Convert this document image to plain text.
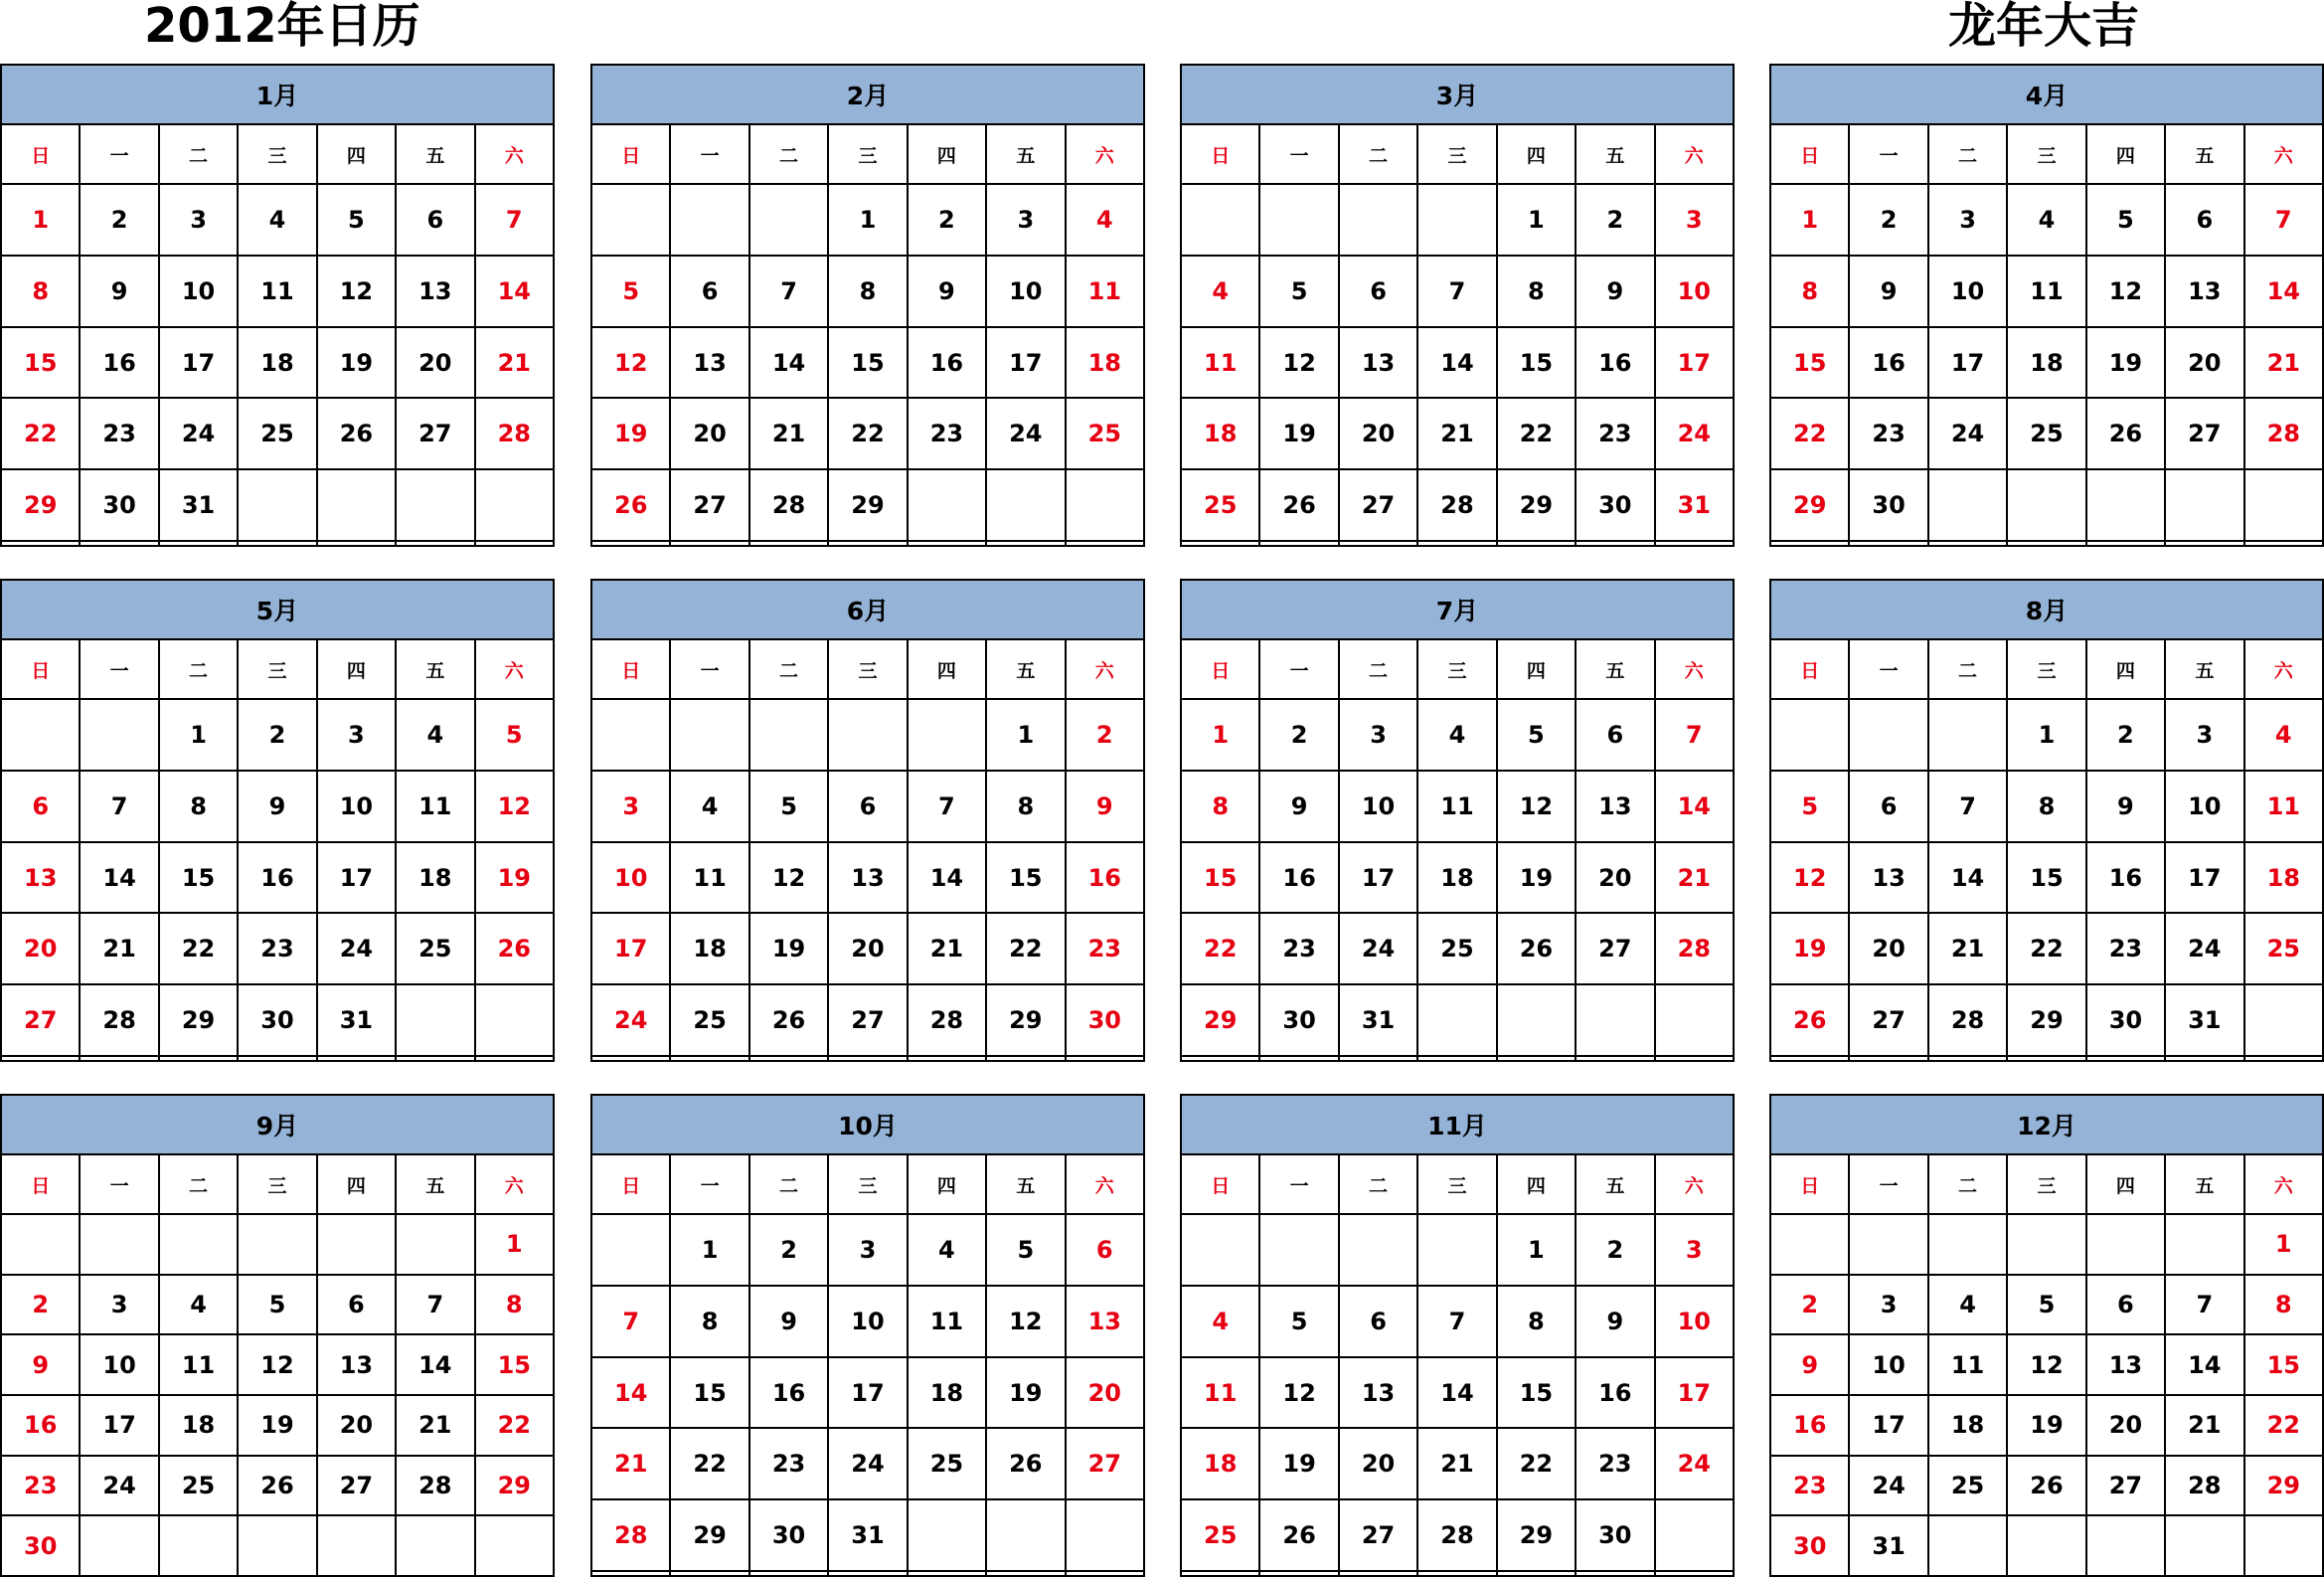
2012年日历	龙年大吉
1月						
日	一	二	三	四	五	六
1	2	3	4	5	6	7
8	9	10	11	12	13	14
15	16	17	18	19	20	21
22	23	24	25	26	27	28
29	30	31				

2月						
日	一	二	三	四	五	六
			1	2	3	4
5	6	7	8	9	10	11
12	13	14	15	16	17	18
19	20	21	22	23	24	25
26	27	28	29			

3月						
日	一	二	三	四	五	六
				1	2	3
4	5	6	7	8	9	10
11	12	13	14	15	16	17
18	19	20	21	22	23	24
25	26	27	28	29	30	31

4月						
日	一	二	三	四	五	六
1	2	3	4	5	6	7
8	9	10	11	12	13	14
15	16	17	18	19	20	21
22	23	24	25	26	27	28
29	30					

5月						
日	一	二	三	四	五	六
		1	2	3	4	5
6	7	8	9	10	11	12
13	14	15	16	17	18	19
20	21	22	23	24	25	26
27	28	29	30	31		

6月						
日	一	二	三	四	五	六
					1	2
3	4	5	6	7	8	9
10	11	12	13	14	15	16
17	18	19	20	21	22	23
24	25	26	27	28	29	30

7月						
日	一	二	三	四	五	六
1	2	3	4	5	6	7
8	9	10	11	12	13	14
15	16	17	18	19	20	21
22	23	24	25	26	27	28
29	30	31				

8月						
日	一	二	三	四	五	六
			1	2	3	4
5	6	7	8	9	10	11
12	13	14	15	16	17	18
19	20	21	22	23	24	25
26	27	28	29	30	31	

9月						
日	一	二	三	四	五	六
						1
2	3	4	5	6	7	8
9	10	11	12	13	14	15
16	17	18	19	20	21	22
23	24	25	26	27	28	29
30						
10月						
日	一	二	三	四	五	六
	1	2	3	4	5	6
7	8	9	10	11	12	13
14	15	16	17	18	19	20
21	22	23	24	25	26	27
28	29	30	31			

11月						
日	一	二	三	四	五	六
				1	2	3
4	5	6	7	8	9	10
11	12	13	14	15	16	17
18	19	20	21	22	23	24
25	26	27	28	29	30	

12月						
日	一	二	三	四	五	六
						1
2	3	4	5	6	7	8
9	10	11	12	13	14	15
16	17	18	19	20	21	22
23	24	25	26	27	28	29
30	31					
